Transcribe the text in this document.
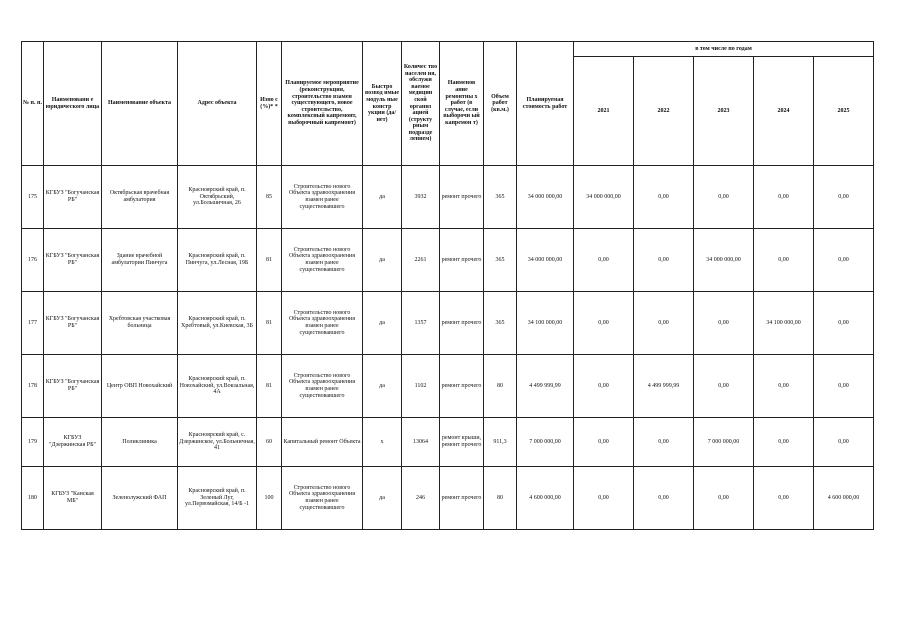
№ п. п.	Наименовани е юридического лица	Наименование объекта	Адрес объекта	Изно с (%)* *	Планируемое мероприятие (реконструкция, строительство взамен существующего, новое строительство, комплексный капремонт, выборочный капремонт)	Быстро возвод имые модуль ные констр укции (да/нет)	Количес тво населен ия, обслужи ваемое медицин ской организ ацией (структу рным подразде лением)	Наименов ание ремонтны х работ (в случае, если выборочн ый капремон т)	Объем работ (кв.м.)	Планируемая стоимость работ	в том числе по годам				
											2021	2022	2023	2024	2025
175	КГБУЗ "Богучанская РБ"	Октябрьская врачебная амбулатория	Красноярский край, п. Октябрьский, ул.Большичная, 26	85	Строительство нового Объекта здравоохранения взамен ранее существовавшего	да	3932	ремонт прочего	365	34 000 000,00	34 000 000,00	0,00	0,00	0,00	0,00
176	КГБУЗ "Богучанская РБ"	Здание врачебной амбулатории Пинчуга	Красноярский край, п. Пинчуга, ул.Лесная, 19Б	81	Строительство нового Объекта здравоохранения взамен ранее существовавшего	да	2261	ремонт прочего	365	34 000 000,00	0,00	0,00	34 000 000,00	0,00	0,00
177	КГБУЗ "Богучанская РБ"	Хребтовская участковая больница	Красноярский край, п. Хребтовый, ул.Киевская, 3Б	81	Строительство нового Объекта здравоохранения взамен ранее существовавшего	да	1357	ремонт прочего	365	34 100 000,00	0,00	0,00	0,00	34 100 000,00	0,00
178	КГБУЗ "Богучанская РБ"	Центр ОВП Новохайский	Красноярский край, п. Новохайский, ул.Вокзальная, 4А	81	Строительство нового Объекта здравоохранения взамен ранее существовавшего	да	1102	ремонт прочего	80	4 499 999,99	0,00	4 499 999,99	0,00	0,00	0,00
179	КГБУЗ "Дзержинская РБ"	Поликлиника	Красноярский край, с. Дзержинское, ул.Больничная, 41	60	Капитальный ремонт Объекта	х	13064	ремонт крыши, ремонт прочего	911,3	7 000 000,00	0,00	0,00	7 000 000,00	0,00	0,00
180	КГБУЗ "Канская МБ"	Зеленолужский ФАП	Красноярский край, п. Зеленый Луг, ул.Первомайская, 14/Б -1	100	Строительство нового Объекта здравоохранения взамен ранее существовавшего	да	246	ремонт прочего	80	4 600 000,00	0,00	0,00	0,00	0,00	4 600 000,00
